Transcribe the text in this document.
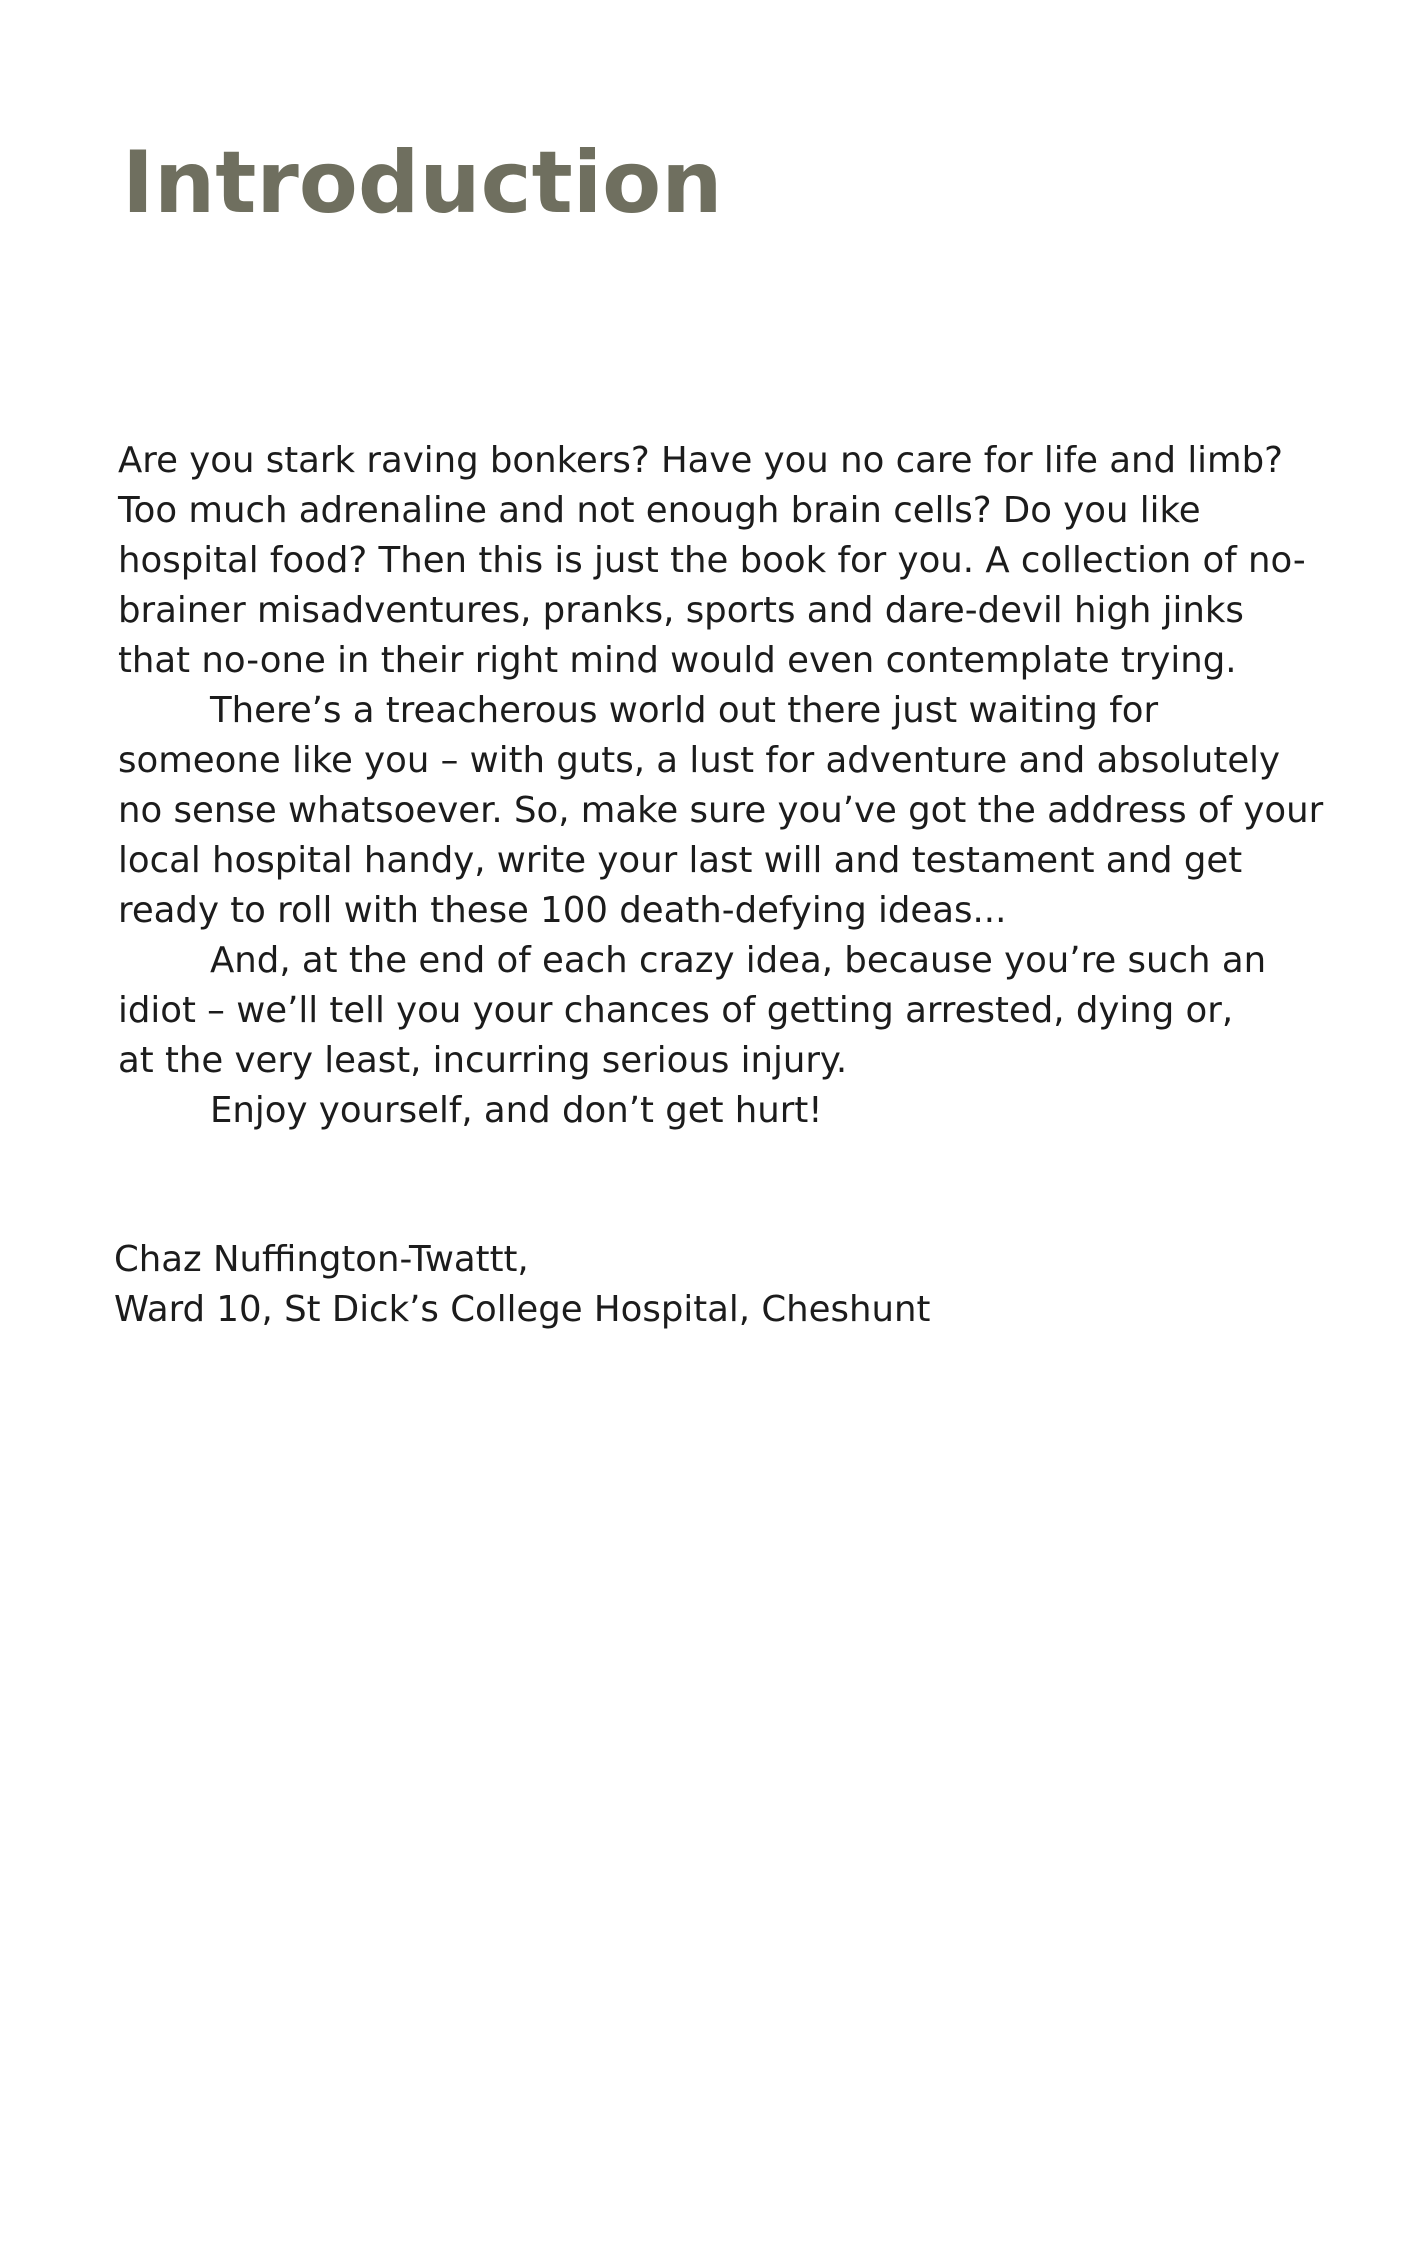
Introduction

Are you stark raving bonkers? Have you no care for life and limb?
Too much adrenaline and not enough brain cells? Do you like
hospital food? Then this is just the book for you. A collection of no-
brainer misadventures, pranks, sports and dare-devil high jinks
that no-one in their right mind would even contemplate trying.

There’s a treacherous world out there just waiting for
someone like you – with guts, a lust for adventure and absolutely
no sense whatsoever. So, make sure you’ve got the address of your
local hospital handy, write your last will and testament and get
ready to roll with these 100 death-defying ideas...

And, at the end of each crazy idea, because you’re such an
idiot – we’ll tell you your chances of getting arrested, dying or,
at the very least, incurring serious injury.

Enjoy yourself, and don’t get hurt!

Chaz Nuffington-Twattt,
Ward 10, St Dick’s College Hospital, Cheshunt
